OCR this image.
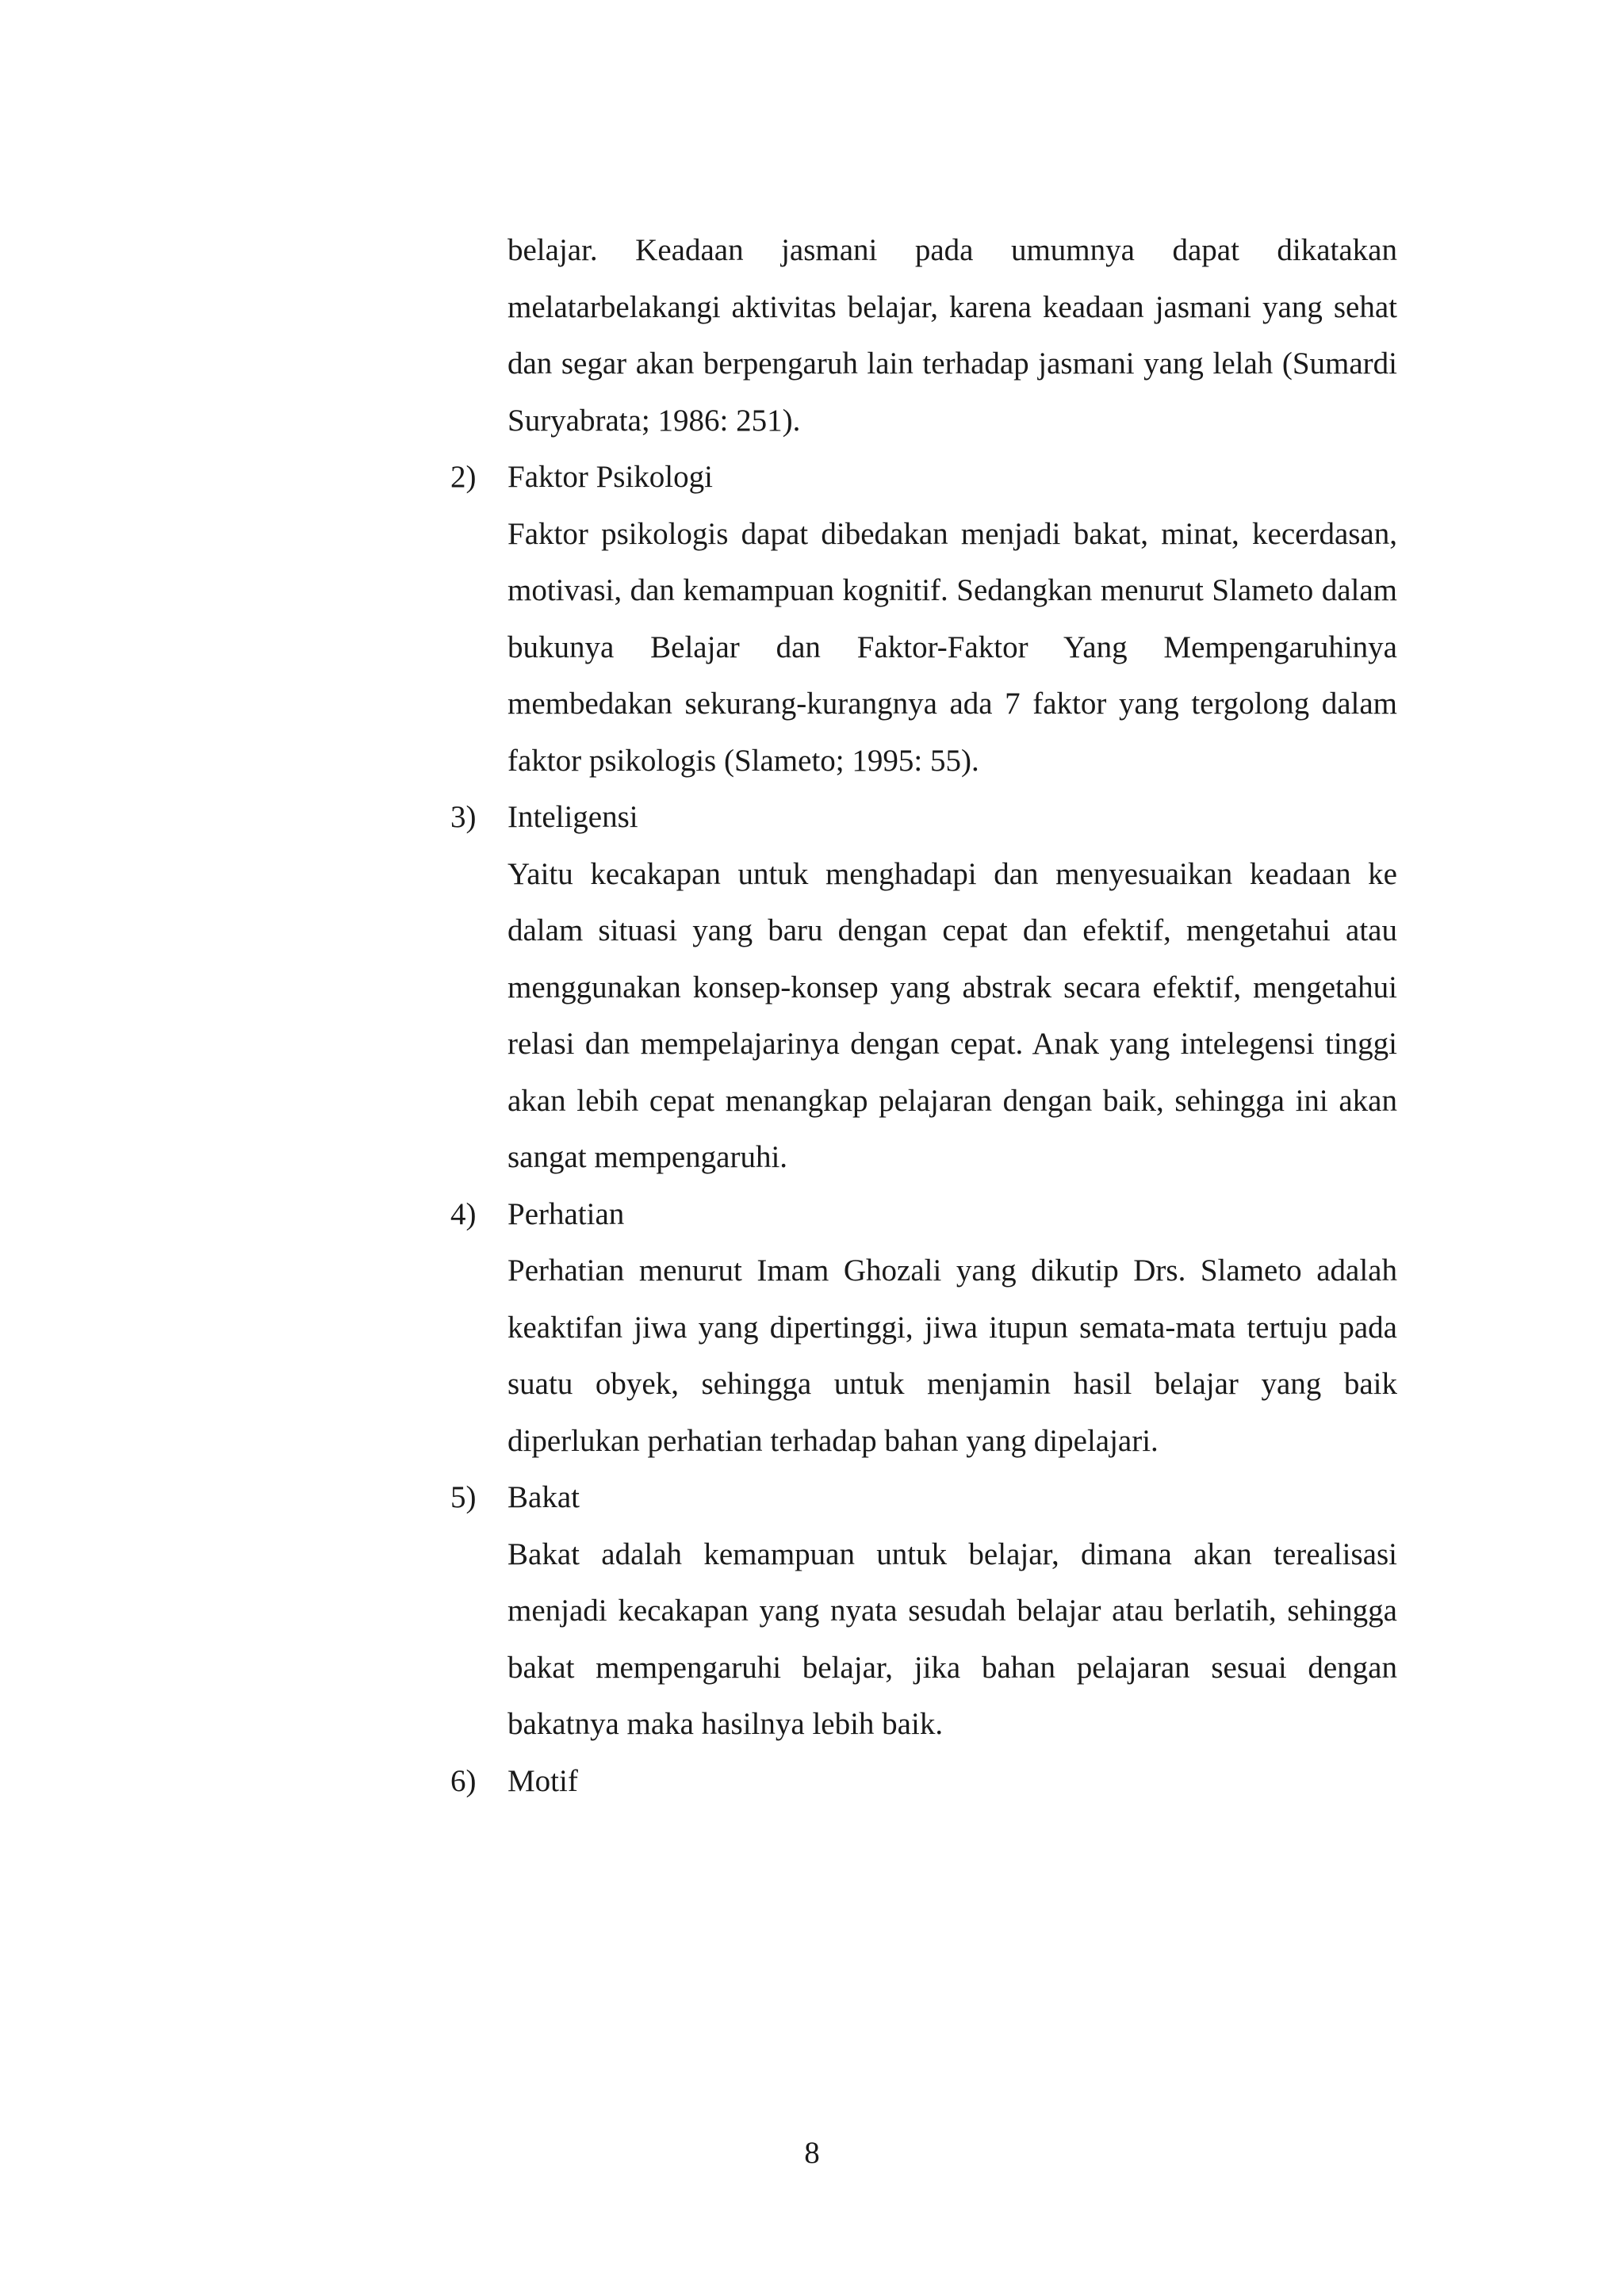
belajar. Keadaan jasmani pada umumnya dapat dikatakan melatarbelakangi aktivitas belajar, karena keadaan jasmani yang sehat dan segar akan berpengaruh lain terhadap jasmani yang lelah (Sumardi Suryabrata; 1986: 251).

2) Faktor Psikologi

Faktor psikologis dapat dibedakan menjadi bakat, minat, kecerdasan, motivasi, dan kemampuan kognitif. Sedangkan menurut Slameto dalam bukunya Belajar dan Faktor-Faktor Yang Mempengaruhinya membedakan sekurang-kurangnya ada 7 faktor yang tergolong dalam faktor psikologis (Slameto; 1995: 55).

3) Inteligensi

Yaitu kecakapan untuk menghadapi dan menyesuaikan keadaan ke dalam situasi yang baru dengan cepat dan efektif, mengetahui atau menggunakan konsep-konsep yang abstrak secara efektif, mengetahui relasi dan mempelajarinya dengan cepat. Anak yang intelegensi tinggi akan lebih cepat menangkap pelajaran dengan baik, sehingga ini akan sangat mempengaruhi.

4) Perhatian

Perhatian menurut Imam Ghozali yang dikutip Drs. Slameto adalah keaktifan jiwa yang dipertinggi, jiwa itupun semata-mata tertuju pada suatu obyek, sehingga untuk menjamin hasil belajar yang baik diperlukan perhatian terhadap bahan yang dipelajari.

5) Bakat

Bakat adalah kemampuan untuk belajar, dimana akan terealisasi menjadi kecakapan yang nyata sesudah belajar atau berlatih, sehingga bakat mempengaruhi belajar, jika bahan pelajaran sesuai dengan bakatnya maka hasilnya lebih baik.

6) Motif

8
